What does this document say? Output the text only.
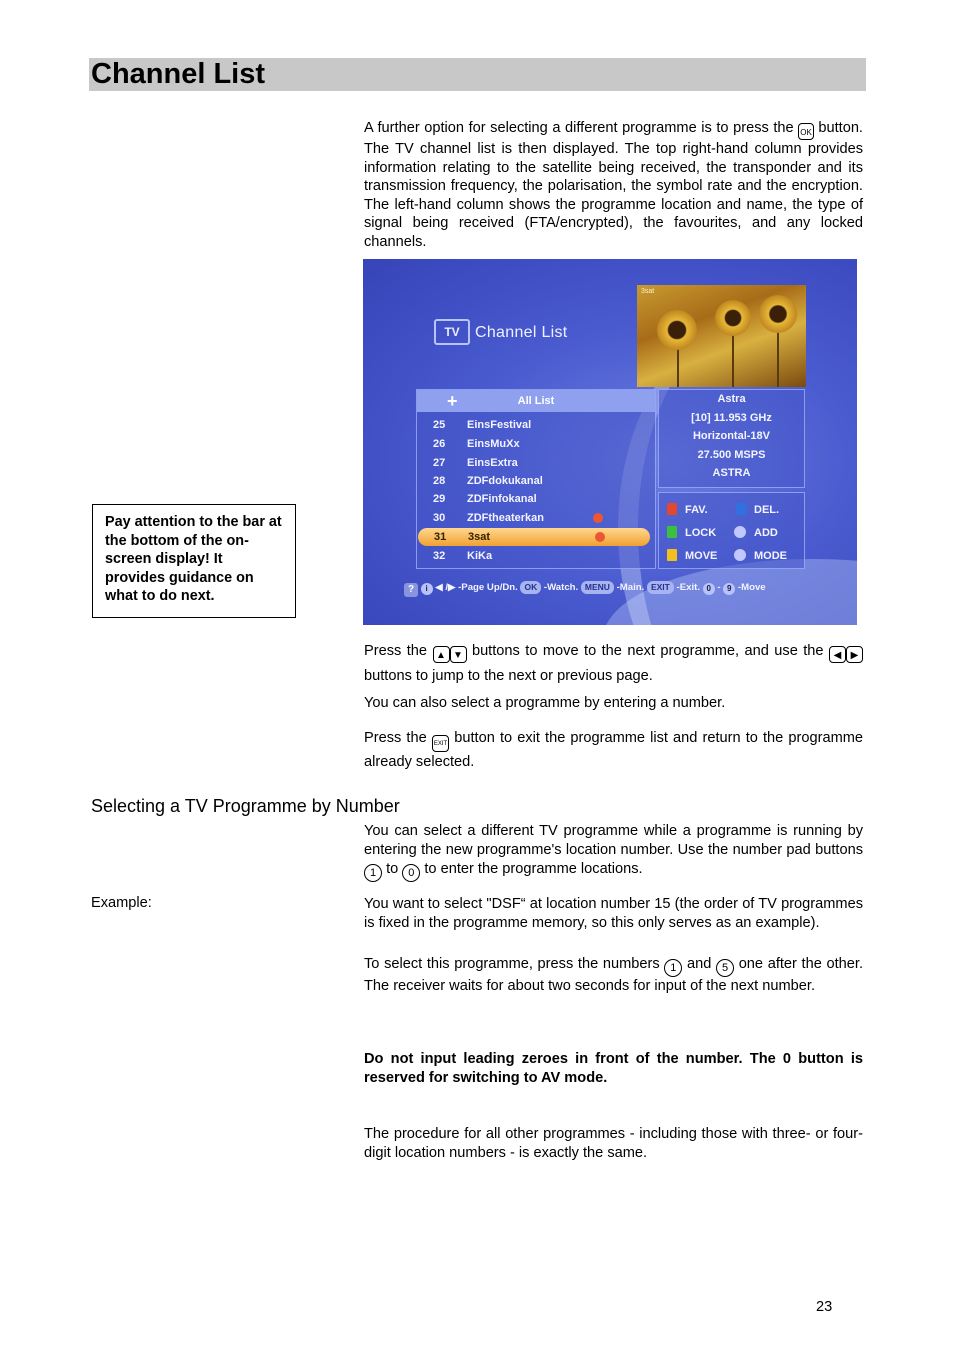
Channel List
A further option for selecting a different programme is to press the OK button. The TV channel list is then displayed. The top right-hand column provides information relating to the satellite being received, the transponder and its transmission frequency, the polarisation, the symbol rate and the encryption. The left-hand column shows the programme location and name, the type of signal being received (FTA/encrypted), the favourites, and any locked channels.
Pay attention to the bar at the bottom of the on-screen display! It provides guidance on what to do next.
TV Channel List
3sat
+	All List
25 EinsFestival
26 EinsMuXx
27 EinsExtra
28 ZDFdokukanal
29 ZDFinfokanal
30 ZDFtheaterkan
31 3sat
32 KiKa
Astra
[10] 11.953 GHz
Horizontal-18V
27.500 MSPS
ASTRA
FAV.	DEL.
LOCK	ADD
MOVE	MODE
? i ◀ /▶ -Page Up/Dn. OK -Watch. MENU -Main. EXIT -Exit. 0 - 9 -Move
Press the ▲ ▼ buttons to move to the next programme, and use the ◀ ▶ buttons to jump to the next or previous page.
You can also select a programme by entering a number.
Press the EXIT button to exit the programme list and return to the programme already selected.
Selecting a TV Programme by Number
You can select a different TV programme while a programme is running by entering the new programme's location number. Use the number pad buttons 1 to 0 to enter the programme locations.
Example:	You want to select "DSF“ at location number 15 (the order of TV programmes is fixed in the programme memory, so this only serves as an example).
To select this programme, press the numbers 1 and 5 one after the other. The receiver waits for about two seconds for input of the next number.
Do not input leading zeroes in front of the number. The 0 button is reserved for switching to AV mode.
The procedure for all other programmes - including those with three- or four-digit location numbers - is exactly the same.
23
